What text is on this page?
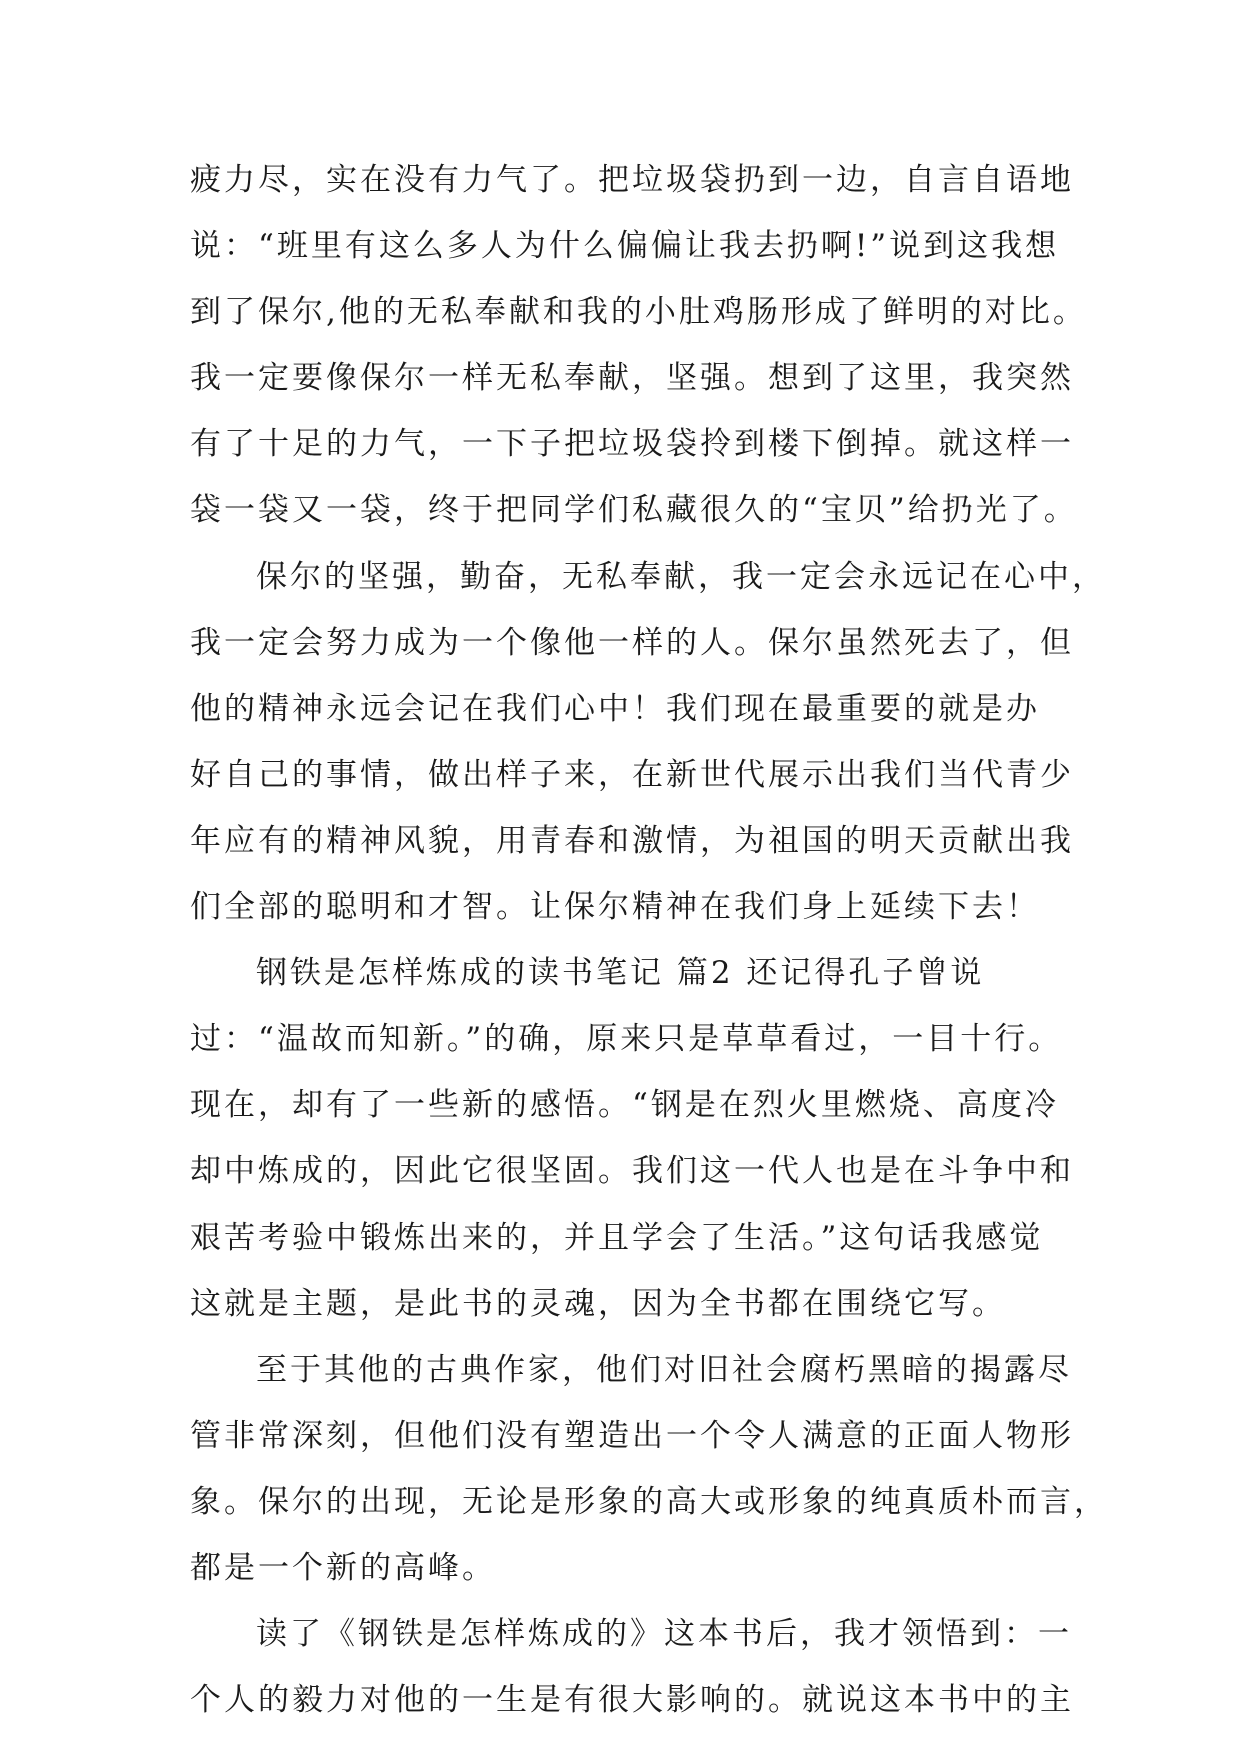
疲力尽，实在没有力气了。把垃圾袋扔到一边，自言自语地
说：“班里有这么多人为什么偏偏让我去扔啊!”说到这我想
到了保尔,他的无私奉献和我的小肚鸡肠形成了鲜明的对比。
我一定要像保尔一样无私奉献，坚强。想到了这里，我突然
有了十足的力气，一下子把垃圾袋拎到楼下倒掉。就这样一
袋一袋又一袋，终于把同学们私藏很久的“宝贝”给扔光了。
保尔的坚强，勤奋，无私奉献，我一定会永远记在心中，
我一定会努力成为一个像他一样的人。保尔虽然死去了，但
他的精神永远会记在我们心中！我们现在最重要的就是办
好自己的事情，做出样子来，在新世代展示出我们当代青少
年应有的精神风貌，用青春和激情，为祖国的明天贡献出我
们全部的聪明和才智。让保尔精神在我们身上延续下去！
钢铁是怎样炼成的读书笔记 篇2 还记得孔子曾说
过：“温故而知新。”的确，原来只是草草看过，一目十行。
现在，却有了一些新的感悟。“钢是在烈火里燃烧、高度冷
却中炼成的，因此它很坚固。我们这一代人也是在斗争中和
艰苦考验中锻炼出来的，并且学会了生活。”这句话我感觉
这就是主题，是此书的灵魂，因为全书都在围绕它写。
至于其他的古典作家，他们对旧社会腐朽黑暗的揭露尽
管非常深刻，但他们没有塑造出一个令人满意的正面人物形
象。保尔的出现，无论是形象的高大或形象的纯真质朴而言，
都是一个新的高峰。
读了《钢铁是怎样炼成的》这本书后，我才领悟到：一
个人的毅力对他的一生是有很大影响的。就说这本书中的主
